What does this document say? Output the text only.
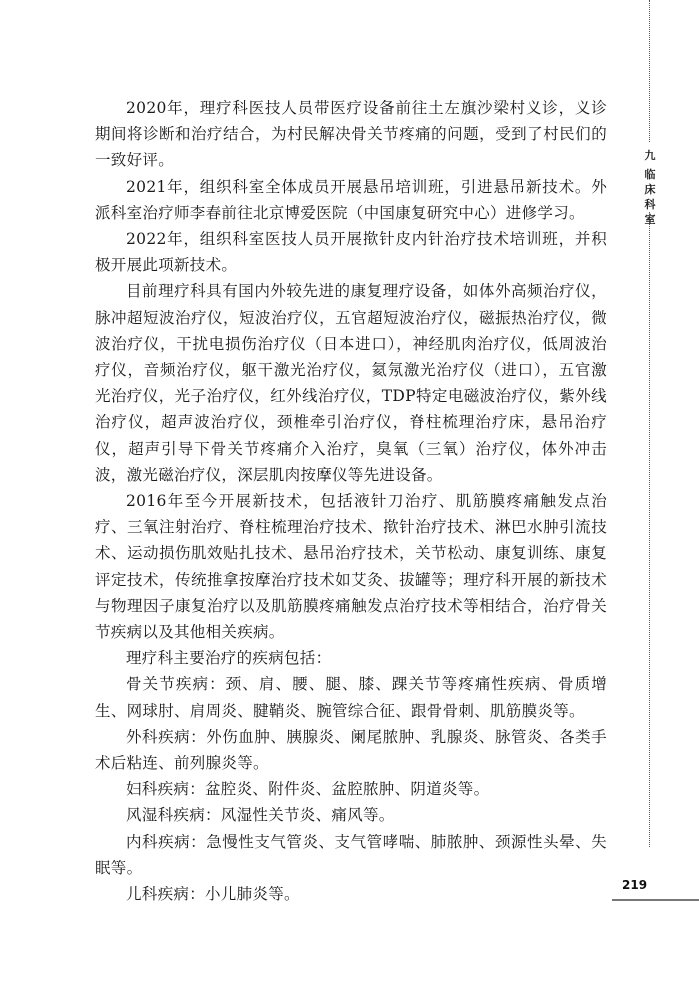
九
临床科室

2020年，理疗科医技人员带医疗设备前往土左旗沙梁村义诊，义诊期间将诊断和治疗结合，为村民解决骨关节疼痛的问题，受到了村民们的一致好评。

2021年，组织科室全体成员开展悬吊培训班，引进悬吊新技术。外派科室治疗师李春前往北京博爱医院（中国康复研究中心）进修学习。

2022年，组织科室医技人员开展揿针皮内针治疗技术培训班，并积极开展此项新技术。

目前理疗科具有国内外较先进的康复理疗设备，如体外高频治疗仪，脉冲超短波治疗仪，短波治疗仪，五官超短波治疗仪，磁振热治疗仪，微波治疗仪，干扰电损伤治疗仪（日本进口），神经肌肉治疗仪，低周波治疗仪，音频治疗仪，躯干激光治疗仪，氦氖激光治疗仪（进口），五官激光治疗仪，光子治疗仪，红外线治疗仪，TDP特定电磁波治疗仪，紫外线治疗仪，超声波治疗仪，颈椎牵引治疗仪，脊柱梳理治疗床，悬吊治疗仪，超声引导下骨关节疼痛介入治疗，臭氧（三氧）治疗仪，体外冲击波，激光磁治疗仪，深层肌肉按摩仪等先进设备。

2016年至今开展新技术，包括液针刀治疗、肌筋膜疼痛触发点治疗、三氧注射治疗、脊柱梳理治疗技术、揿针治疗技术、淋巴水肿引流技术、运动损伤肌效贴扎技术、悬吊治疗技术，关节松动、康复训练、康复评定技术，传统推拿按摩治疗技术如艾灸、拔罐等；理疗科开展的新技术与物理因子康复治疗以及肌筋膜疼痛触发点治疗技术等相结合，治疗骨关节疾病以及其他相关疾病。

理疗科主要治疗的疾病包括：

骨关节疾病：颈、肩、腰、腿、膝、踝关节等疼痛性疾病、骨质增生、网球肘、肩周炎、腱鞘炎、腕管综合征、跟骨骨刺、肌筋膜炎等。

外科疾病：外伤血肿、胰腺炎、阑尾脓肿、乳腺炎、脉管炎、各类手术后粘连、前列腺炎等。

妇科疾病：盆腔炎、附件炎、盆腔脓肿、阴道炎等。

风湿科疾病：风湿性关节炎、痛风等。

内科疾病：急慢性支气管炎、支气管哮喘、肺脓肿、颈源性头晕、失眠等。

儿科疾病：小儿肺炎等。

219
